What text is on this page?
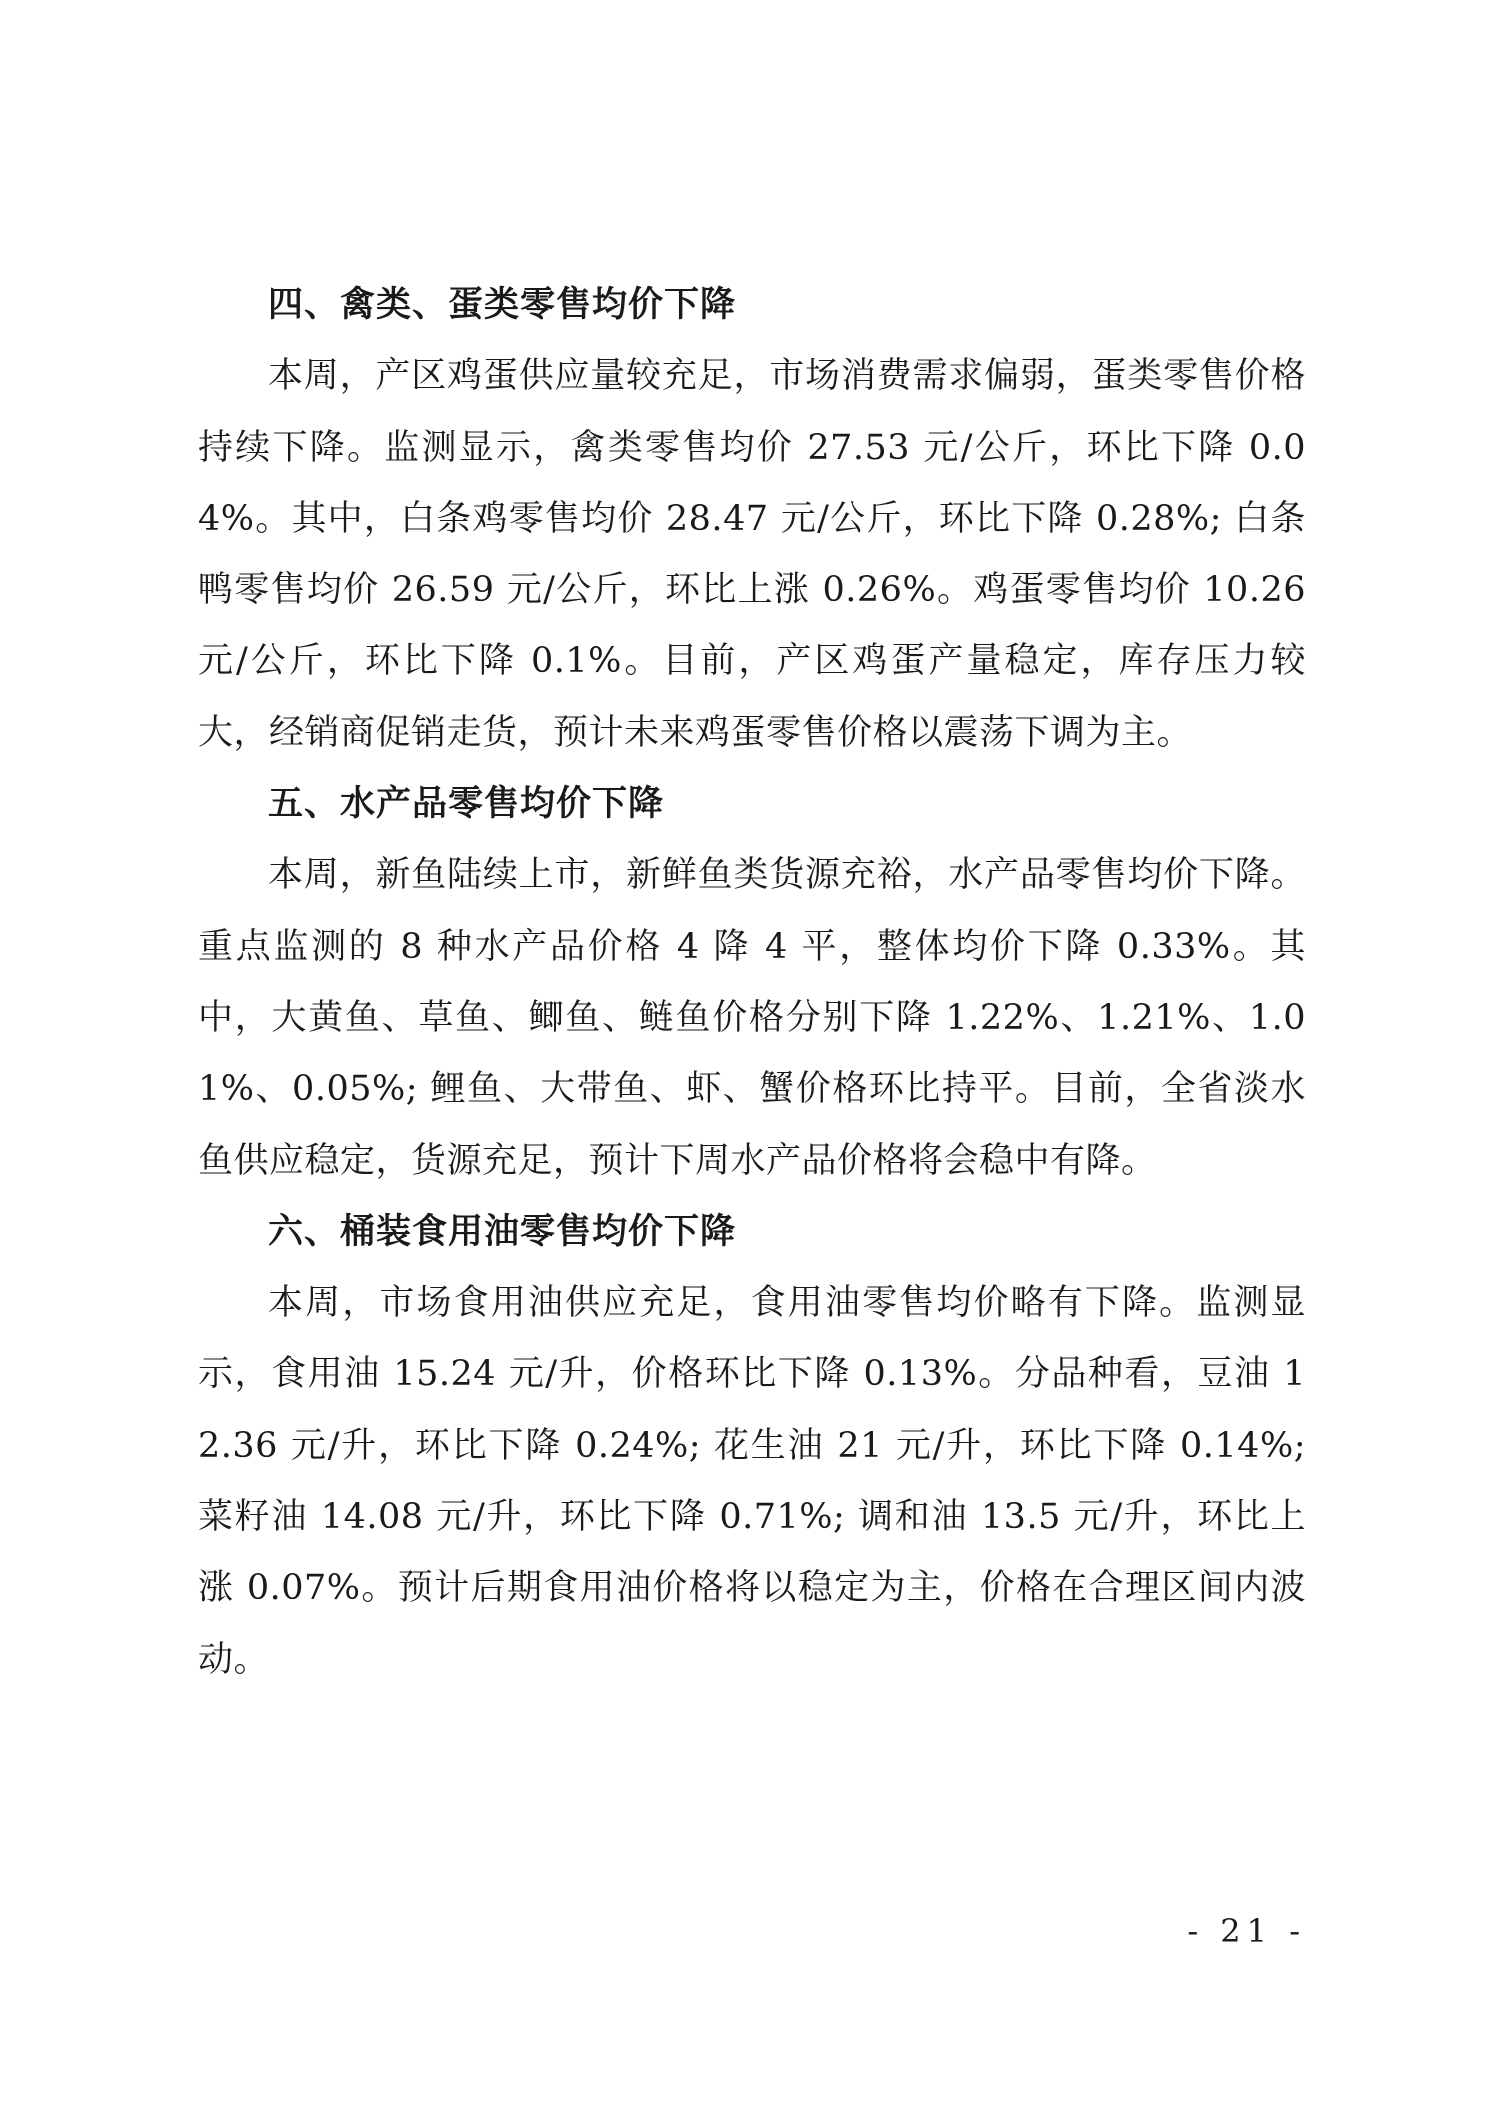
四、禽类、蛋类零售均价下降

本周，产区鸡蛋供应量较充足，市场消费需求偏弱，蛋类零售价格持续下降。监测显示，禽类零售均价 27.53 元/公斤，环比下降 0.04%。其中，白条鸡零售均价 28.47 元/公斤，环比下降 0.28%; 白条鸭零售均价 26.59 元/公斤，环比上涨 0.26%。鸡蛋零售均价 10.26 元/公斤，环比下降 0.1%。目前，产区鸡蛋产量稳定，库存压力较大，经销商促销走货，预计未来鸡蛋零售价格以震荡下调为主。

五、水产品零售均价下降

本周，新鱼陆续上市，新鲜鱼类货源充裕，水产品零售均价下降。重点监测的 8 种水产品价格 4 降 4 平，整体均价下降 0.33%。其中，大黄鱼、草鱼、鲫鱼、鲢鱼价格分别下降 1.22%、1.21%、1.01%、0.05%; 鲤鱼、大带鱼、虾、蟹价格环比持平。目前，全省淡水鱼供应稳定，货源充足，预计下周水产品价格将会稳中有降。

六、桶装食用油零售均价下降

本周，市场食用油供应充足，食用油零售均价略有下降。监测显示，食用油 15.24 元/升，价格环比下降 0.13%。分品种看，豆油 12.36 元/升，环比下降 0.24%; 花生油 21 元/升，环比下降 0.14%; 菜籽油 14.08 元/升，环比下降 0.71%; 调和油 13.5 元/升，环比上涨 0.07%。预计后期食用油价格将以稳定为主，价格在合理区间内波动。

- 21 -
